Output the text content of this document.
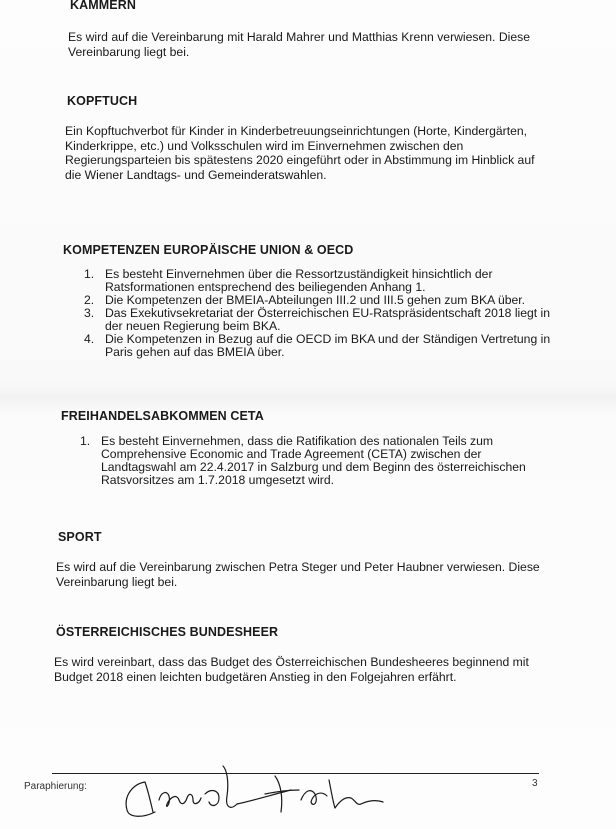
KAMMERN

Es wird auf die Vereinbarung mit Harald Mahrer und Matthias Krenn verwiesen. Diese Vereinbarung liegt bei.

KOPFTUCH

Ein Kopftuchverbot für Kinder in Kinderbetreuungseinrichtungen (Horte, Kindergärten, Kinderkrippe, etc.) und Volksschulen wird im Einvernehmen zwischen den Regierungsparteien bis spätestens 2020 eingeführt oder in Abstimmung im Hinblick auf die Wiener Landtags- und Gemeinderatswahlen.

KOMPETENZEN EUROPÄISCHE UNION & OECD
1. Es besteht Einvernehmen über die Ressortzuständigkeit hinsichtlich der Ratsformationen entsprechend des beiliegenden Anhang 1.
2. Die Kompetenzen der BMEIA-Abteilungen III.2 und III.5 gehen zum BKA über.
3. Das Exekutivsekretariat der Österreichischen EU-Ratspräsidentschaft 2018 liegt in der neuen Regierung beim BKA.
4. Die Kompetenzen in Bezug auf die OECD im BKA und der Ständigen Vertretung in Paris gehen auf das BMEIA über.
FREIHANDELSABKOMMEN CETA
1. Es besteht Einvernehmen, dass die Ratifikation des nationalen Teils zum Comprehensive Economic and Trade Agreement (CETA) zwischen der Landtagswahl am 22.4.2017 in Salzburg und dem Beginn des österreichischen Ratsvorsitzes am 1.7.2018 umgesetzt wird.
SPORT

Es wird auf die Vereinbarung zwischen Petra Steger und Peter Haubner verwiesen. Diese Vereinbarung liegt bei.

ÖSTERREICHISCHES BUNDESHEER

Es wird vereinbart, dass das Budget des Österreichischen Bundesheeres beginnend mit Budget 2018 einen leichten budgetären Anstieg in den Folgejahren erfährt.

Paraphierung:	3
